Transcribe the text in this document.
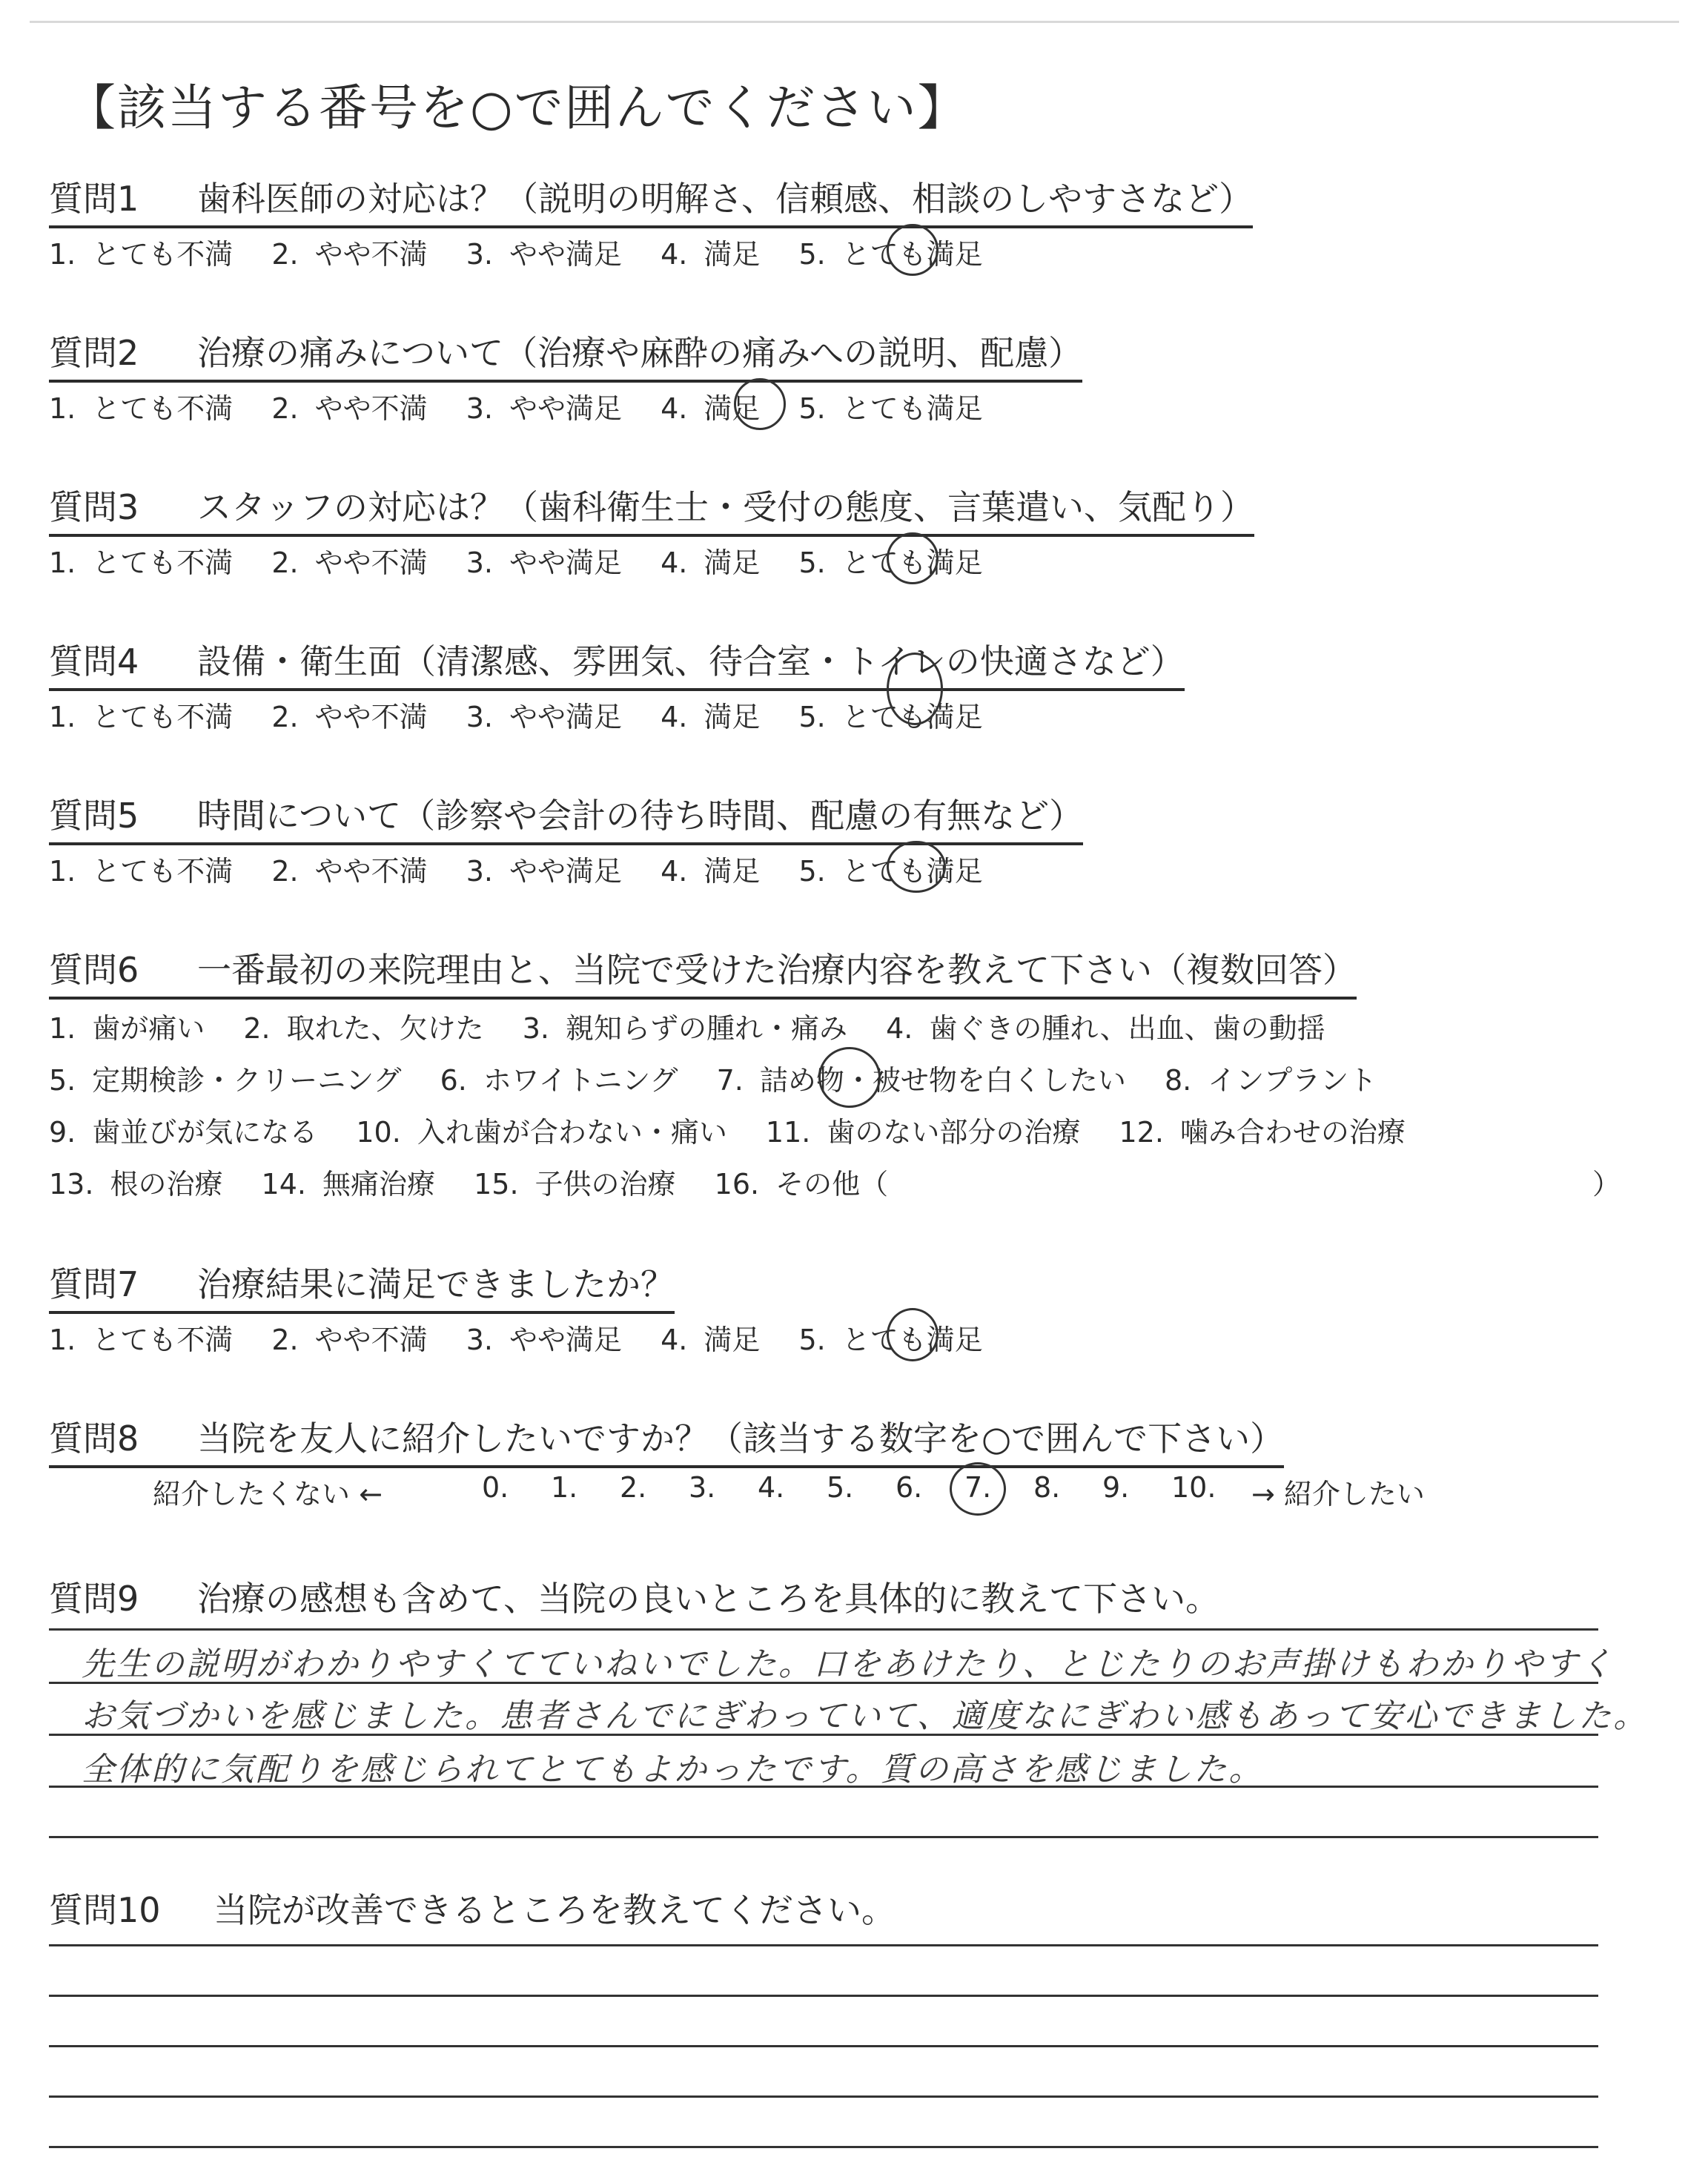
【該当する番号を○で囲んでください】
質問1 歯科医師の対応は？（説明の明解さ、信頼感、相談のしやすさなど）
1. とても不満 2. やや不満 3. やや満足 4. 満足 5. とても満足
質問2 治療の痛みについて（治療や麻酔の痛みへの説明、配慮）
1. とても不満 2. やや不満 3. やや満足 4. 満足 5. とても満足
質問3 スタッフの対応は？（歯科衛生士・受付の態度、言葉遣い、気配り）
1. とても不満 2. やや不満 3. やや満足 4. 満足 5. とても満足
質問4 設備・衛生面（清潔感、雰囲気、待合室・トイレの快適さなど）
1. とても不満 2. やや不満 3. やや満足 4. 満足 5. とても満足
質問5 時間について（診察や会計の待ち時間、配慮の有無など）
1. とても不満 2. やや不満 3. やや満足 4. 満足 5. とても満足
質問6 一番最初の来院理由と、当院で受けた治療内容を教えて下さい（複数回答）
1. 歯が痛い 2. 取れた、欠けた 3. 親知らずの腫れ・痛み 4. 歯ぐきの腫れ、出血、歯の動揺
5. 定期検診・クリーニング 6. ホワイトニング 7. 詰め物・被せ物を白くしたい 8. インプラント
9. 歯並びが気になる 10. 入れ歯が合わない・痛い 11. 歯のない部分の治療 12. 噛み合わせの治療
13. 根の治療 14. 無痛治療 15. 子供の治療 16. その他（	）
質問7 治療結果に満足できましたか？
1. とても不満 2. やや不満 3. やや満足 4. 満足 5. とても満足
質問8 当院を友人に紹介したいですか？（該当する数字を○で囲んで下さい）
紹介したくない ←	→ 紹介したい
0. 1. 2. 3. 4. 5. 6. 7. 8. 9. 10.
質問9 治療の感想も含めて、当院の良いところを具体的に教えて下さい。
先生の説明がわかりやすくてていねいでした。口をあけたり、とじたりのお声掛けもわかりやすく
お気づかいを感じました。患者さんでにぎわっていて、適度なにぎわい感もあって安心できました。
全体的に気配りを感じられてとてもよかったです。質の高さを感じました。
質問10 当院が改善できるところを教えてください。
